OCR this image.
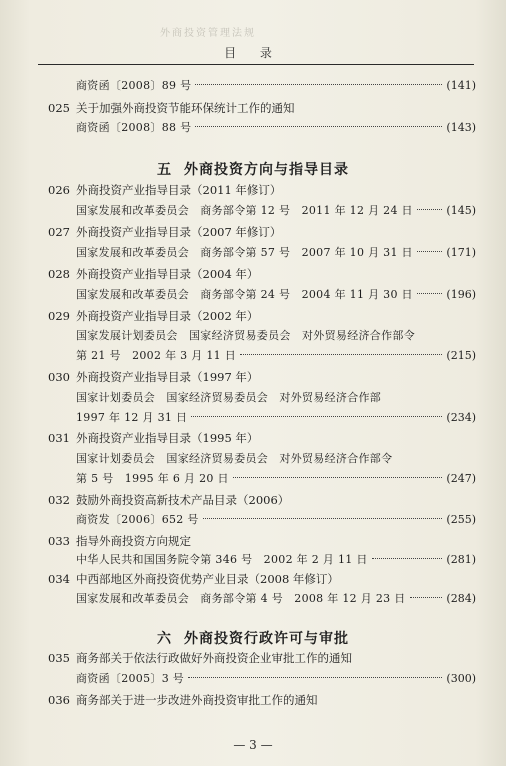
外商投资管理法规
目 录
商资函〔2008〕89 号	(141)
025 关于加强外商投资节能环保统计工作的通知
商资函〔2008〕88 号	(143)
五 外商投资方向与指导目录
026 外商投资产业指导目录（2011 年修订）
国家发展和改革委员会　商务部令第 12 号　2011 年 12 月 24 日	(145)
027 外商投资产业指导目录（2007 年修订）
国家发展和改革委员会　商务部令第 57 号　2007 年 10 月 31 日	(171)
028 外商投资产业指导目录（2004 年）
国家发展和改革委员会　商务部令第 24 号　2004 年 11 月 30 日	(196)
029 外商投资产业指导目录（2002 年）
国家发展计划委员会　国家经济贸易委员会　对外贸易经济合作部令
第 21 号　2002 年 3 月 11 日	(215)
030 外商投资产业指导目录（1997 年）
国家计划委员会　国家经济贸易委员会　对外贸易经济合作部
1997 年 12 月 31 日	(234)
031 外商投资产业指导目录（1995 年）
国家计划委员会　国家经济贸易委员会　对外贸易经济合作部令
第 5 号　1995 年 6 月 20 日	(247)
032 鼓励外商投资高新技术产品目录（2006）
商资发〔2006〕652 号	(255)
033 指导外商投资方向规定
中华人民共和国国务院令第 346 号　2002 年 2 月 11 日	(281)
034 中西部地区外商投资优势产业目录（2008 年修订）
国家发展和改革委员会　商务部令第 4 号　2008 年 12 月 23 日	(284)
六 外商投资行政许可与审批
035 商务部关于依法行政做好外商投资企业审批工作的通知
商资函〔2005〕3 号	(300)
036 商务部关于进一步改进外商投资审批工作的通知
— 3 —
